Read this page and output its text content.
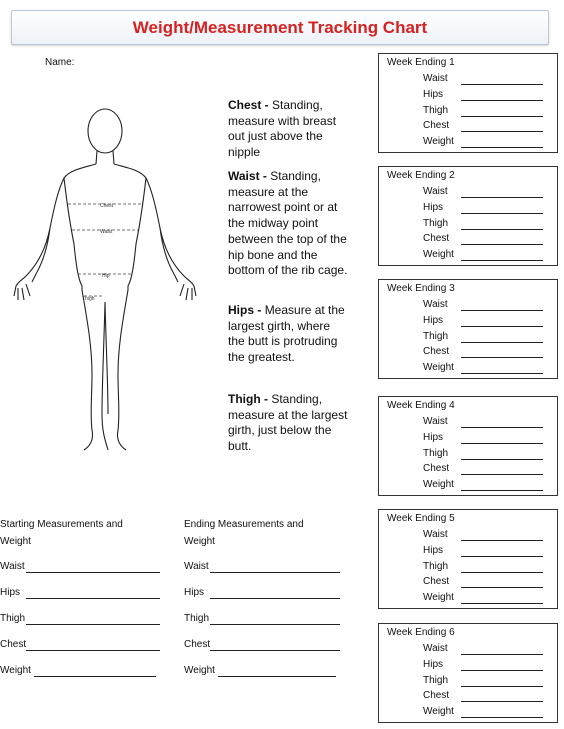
Weight/Measurement Tracking Chart
Name:
Chest
Waist
Hip
Thigh
Chest - Standing, measure with breast out just above the nipple
Waist - Standing, measure at the narrowest point or at the midway point between the top of the hip bone and the bottom of the rib cage.
Hips - Measure at the largest girth, where the butt is protruding the greatest.
Thigh - Standing, measure at the largest girth, just below the butt.
Week Ending 1
Waist
Hips
Thigh
Chest
Weight
Week Ending 2
Waist
Hips
Thigh
Chest
Weight
Week Ending 3
Waist
Hips
Thigh
Chest
Weight
Week Ending 4
Waist
Hips
Thigh
Chest
Weight
Week Ending 5
Waist
Hips
Thigh
Chest
Weight
Week Ending 6
Waist
Hips
Thigh
Chest
Weight
Starting Measurements and Weight
Ending Measurements and Weight
Waist
Hips
Thigh
Chest
Weight
Waist
Hips
Thigh
Chest
Weight
